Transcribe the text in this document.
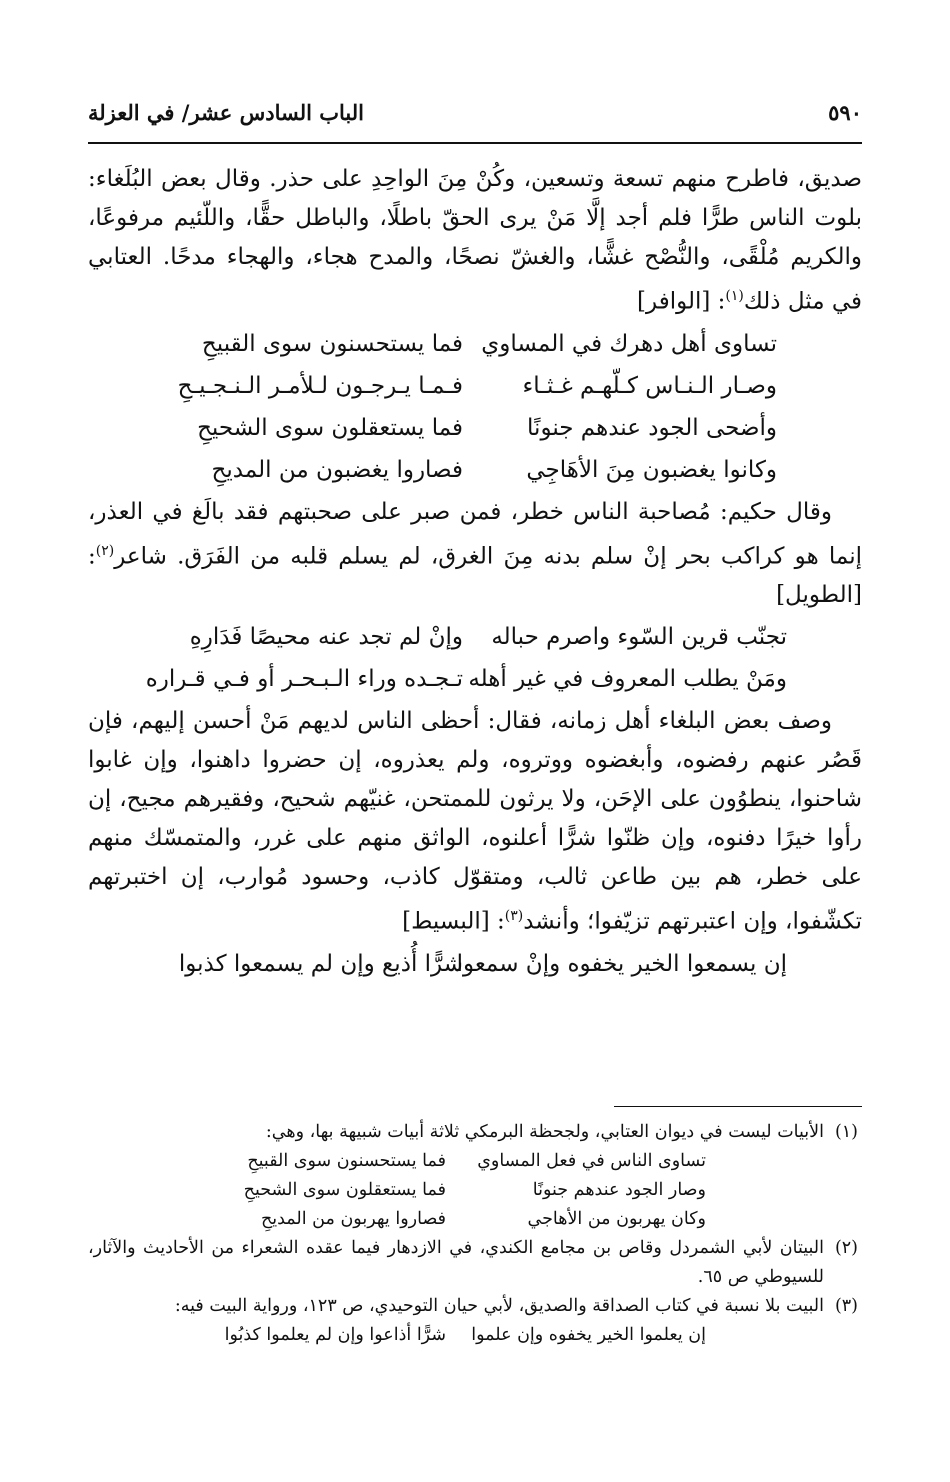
٥٩٠
الباب السادس عشر/ في العزلة

صديق، فاطرح منهم تسعة وتسعين، وكُنْ مِنَ الواحِدِ على حذر. وقال بعض البُلَغاء: بلوت الناس طرًّا فلم أجد إلَّا مَنْ يرى الحقّ باطلًا، والباطل حقًّا، واللّئيم مرفوعًا، والكريم مُلْقًى، والنُّصْح غشًّا، والغشّ نصحًا، والمدح هجاء، والهجاء مدحًا. العتابي في مثل ذلك$^{(١)}$: [الوافر]

تساوى أهل دهرك في المساوي
فما يستحسنون سوى القبيحِ
وصـار الـنـاس كـلّهـم غـثـاء
فـمـا يـرجـون لـلأمـر الـنـجـيـحِ
وأضحى الجود عندهم جنونًا
فما يستعقلون سوى الشحيحِ
وكانوا يغضبون مِنَ الأهَاجِي
فصاروا يغضبون من المديحِ

وقال حكيم: مُصاحبة الناس خطر، فمن صبر على صحبتهم فقد بالَغ في العذر، إنما هو كراكب بحر إنْ سلم بدنه مِنَ الغرق، لم يسلم قلبه من الفَرَق. شاعر$^{(٢)}$: [الطويل]

تجنّب قرين السّوء واصرم حباله
وإنْ لم تجد عنه محيصًا فَدَارِهِ
ومَنْ يطلب المعروف في غير أهله
تـجـده وراء الـبـحـر أو فـي قـراره

وصف بعض البلغاء أهل زمانه، فقال: أحظى الناس لديهم مَنْ أحسن إليهم، فإن قَصُر عنهم رفضوه، وأبغضوه ووتروه، ولم يعذروه، إن حضروا داهنوا، وإن غابوا شاحنوا، ينطوُون على الإحَن، ولا يرثون للممتحن، غنيّهم شحيح، وفقيرهم مجيح، إن رأوا خيرًا دفنوه، وإن ظنّوا شرًّا أعلنوه، الواثق منهم على غرر، والمتمسّك منهم على خطر، هم بين طاعن ثالب، ومتقوّل كاذب، وحسود مُوارب، إن اختبرتهم تكشّفوا، وإن اعتبرتهم تزيّفوا؛ وأنشد$^{(٣)}$: [البسيط]

إن يسمعوا الخير يخفوه وإنْ سمعوا
شرًّا أُذيع وإن لم يسمعوا كذبوا

(١)
الأبيات ليست في ديوان العتابي، ولجحظة البرمكي ثلاثة أبيات شبيهة بها، وهي:

تساوى الناس في فعل المساوي
فما يستحسنون سوى القبيحِ
وصار الجود عندهم جنونًا
فما يستعقلون سوى الشحيحِ
وكان يهربون من الأهاجي
فصاروا يهربون من المديحِ

(٢)
البيتان لأبي الشمردل وقاص بن مجامع الكندي، في الازدهار فيما عقده الشعراء من الأحاديث والآثار، للسيوطي ص ٦٥.

(٣)
البيت بلا نسبة في كتاب الصداقة والصديق، لأبي حيان التوحيدي، ص ١٢٣، ورواية البيت فيه:

إن يعلموا الخير يخفوه وإن علموا
شرًّا أذاعوا وإن لم يعلموا كذبُوا
